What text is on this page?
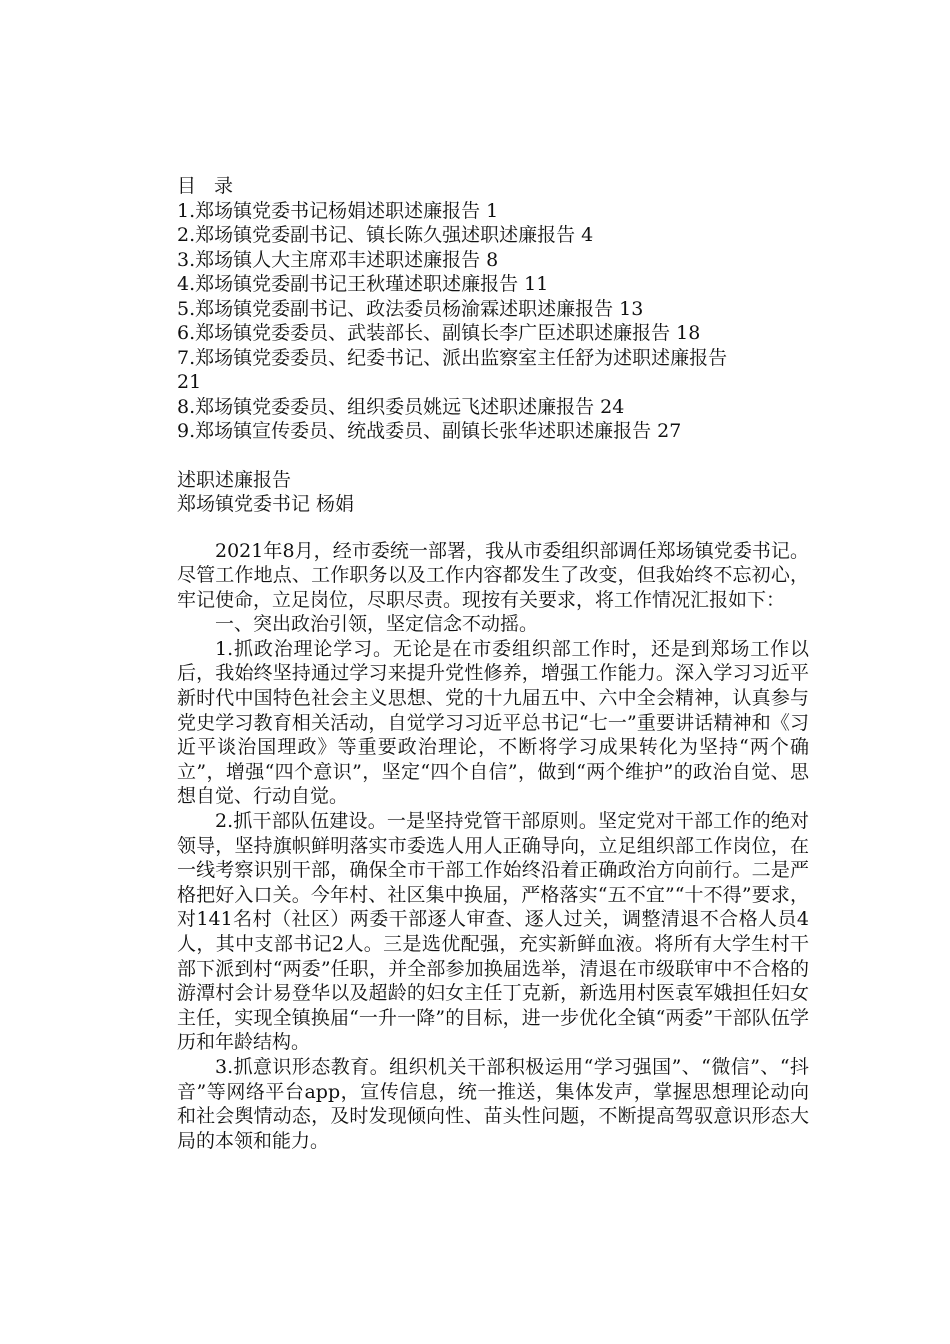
目 录
1.郑场镇党委书记杨娟述职述廉报告 1
2.郑场镇党委副书记、镇长陈久强述职述廉报告 4
3.郑场镇人大主席邓丰述职述廉报告 8
4.郑场镇党委副书记王秋瑾述职述廉报告 11
5.郑场镇党委副书记、政法委员杨渝霖述职述廉报告 13
6.郑场镇党委委员、武装部长、副镇长李广臣述职述廉报告 18
7.郑场镇党委委员、纪委书记、派出监察室主任舒为述职述廉报告
21
8.郑场镇党委委员、组织委员姚远飞述职述廉报告 24
9.郑场镇宣传委员、统战委员、副镇长张华述职述廉报告 27
述职述廉报告
郑场镇党委书记 杨娟

2021年8月，经市委统一部署，我从市委组织部调任郑场镇党委书记。尽管工作地点、工作职务以及工作内容都发生了改变，但我始终不忘初心，牢记使命，立足岗位，尽职尽责。现按有关要求，将工作情况汇报如下：

一、突出政治引领，坚定信念不动摇。

1.抓政治理论学习。无论是在市委组织部工作时，还是到郑场工作以后，我始终坚持通过学习来提升党性修养，增强工作能力。深入学习习近平新时代中国特色社会主义思想、党的十九届五中、六中全会精神，认真参与党史学习教育相关活动，自觉学习习近平总书记“七一”重要讲话精神和《习近平谈治国理政》等重要政治理论，不断将学习成果转化为坚持“两个确立”，增强“四个意识”，坚定“四个自信”，做到“两个维护”的政治自觉、思想自觉、行动自觉。

2.抓干部队伍建设。一是坚持党管干部原则。坚定党对干部工作的绝对领导，坚持旗帜鲜明落实市委选人用人正确导向，立足组织部工作岗位，在一线考察识别干部，确保全市干部工作始终沿着正确政治方向前行。二是严格把好入口关。今年村、社区集中换届，严格落实“五不宜”“十不得”要求，对141名村（社区）两委干部逐人审查、逐人过关，调整清退不合格人员4人，其中支部书记2人。三是选优配强，充实新鲜血液。将所有大学生村干部下派到村“两委”任职，并全部参加换届选举，清退在市级联审中不合格的游潭村会计易登华以及超龄的妇女主任丁克新，新选用村医袁军娥担任妇女主任，实现全镇换届“一升一降”的目标，进一步优化全镇“两委”干部队伍学历和年龄结构。

3.抓意识形态教育。组织机关干部积极运用“学习强国”、“微信”、“抖音”等网络平台app，宣传信息，统一推送，集体发声，掌握思想理论动向和社会舆情动态，及时发现倾向性、苗头性问题，不断提高驾驭意识形态大局的本领和能力。
